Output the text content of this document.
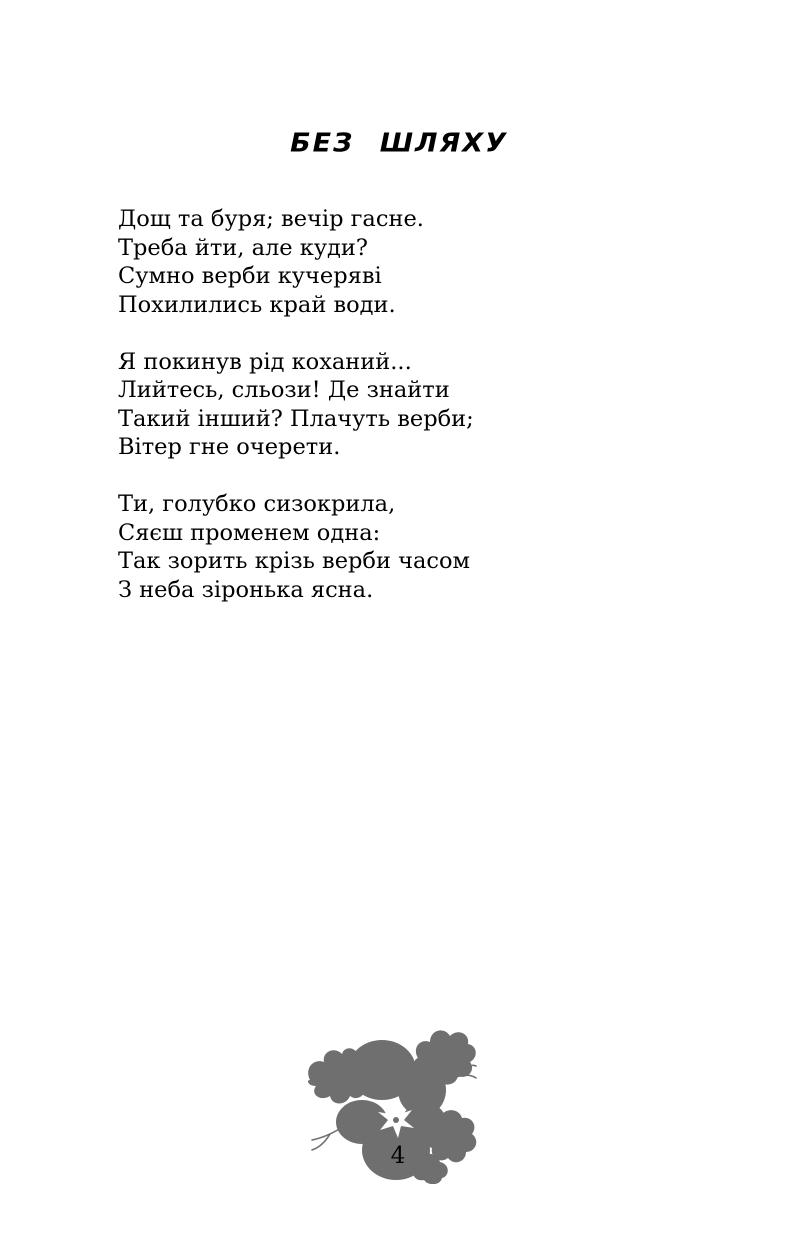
БЕЗ ШЛЯХУ
Дощ та буря; вечір гасне.
Треба йти, але куди?
Сумно верби кучеряві
Похилились край води.
Я покинув рід коханий...
Лийтесь, сльози! Де знайти
Такий інший? Плачуть верби;
Вітер гне очерети.
Ти, голубко сизокрила,
Сяєш променем одна:
Так зорить крізь верби часом
З неба зіронька ясна.
4
